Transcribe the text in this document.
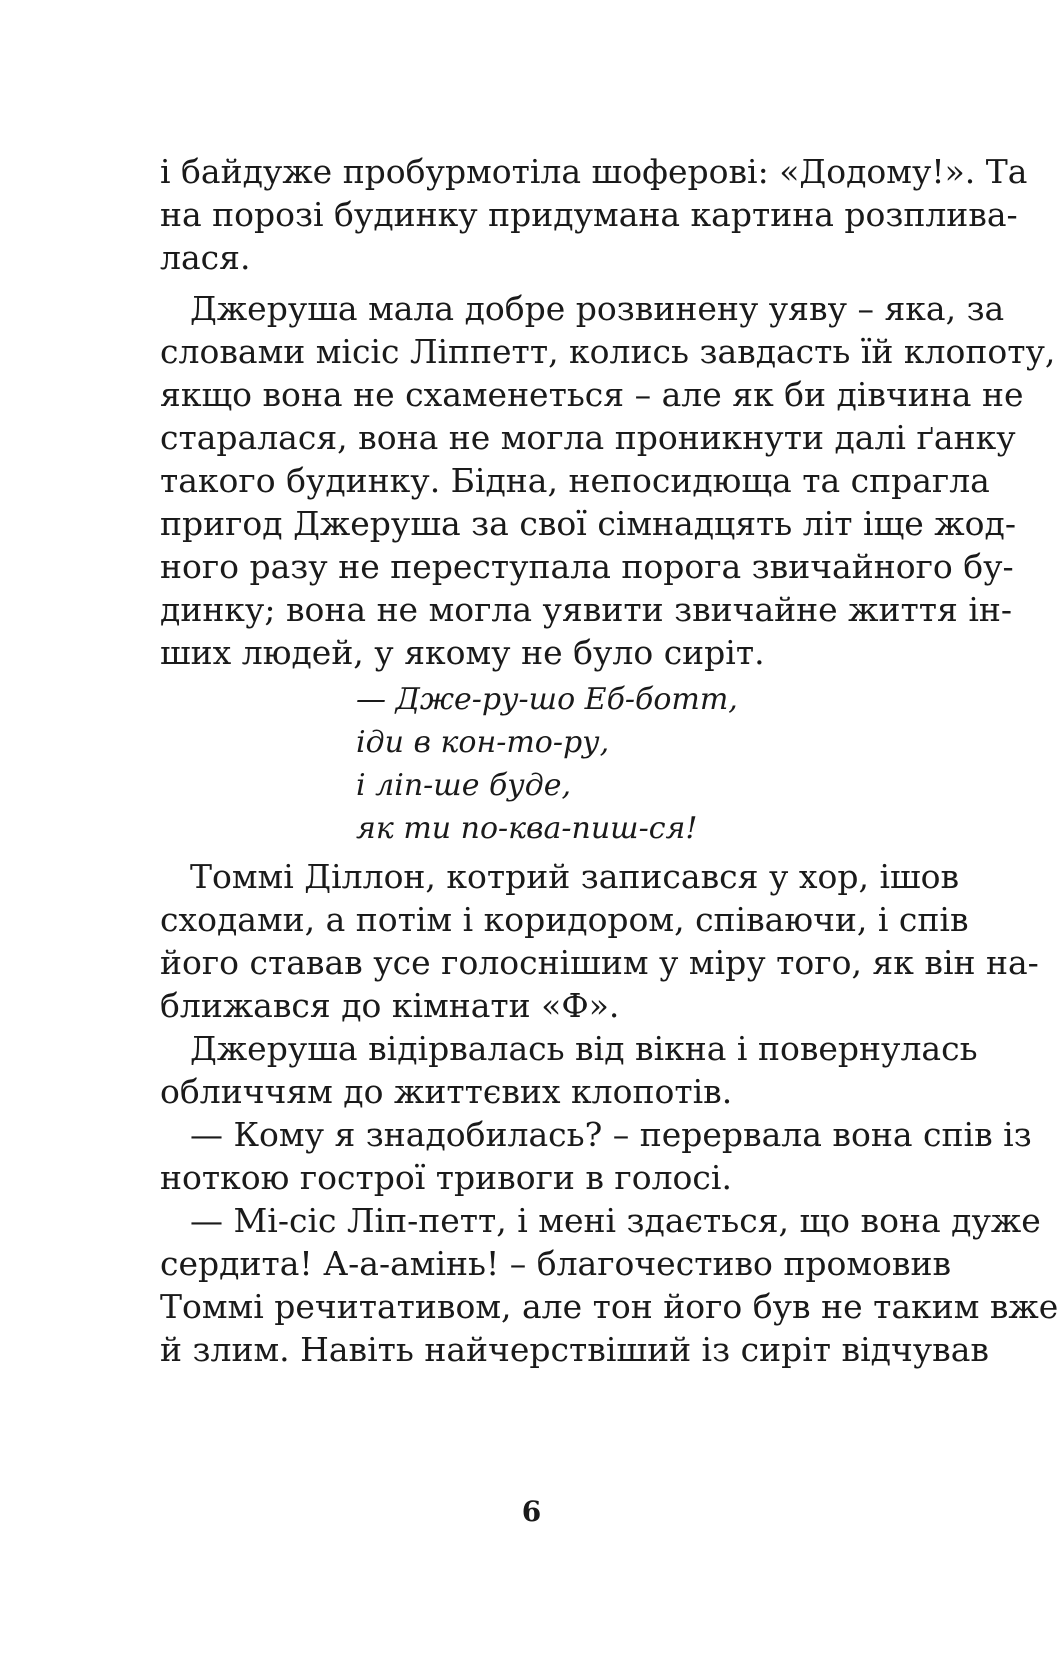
і байдуже пробурмотіла шоферові: «Додому!». Та
на порозі будинку придумана картина розплива-
лася.
Джеруша мала добре розвинену уяву – яка, за
словами місіс Ліппетт, колись завдасть їй клопоту,
якщо вона не схаменеться – але як би дівчина не
старалася, вона не могла проникнути далі ґанку
такого будинку. Бідна, непосидюща та спрагла
пригод Джеруша за свої сімнадцять літ іще жод-
ного разу не переступала порога звичайного бу-
динку; вона не могла уявити звичайне життя ін-
ших людей, у якому не було сиріт.
— Дже-ру-шо Еб-ботт,
іди в кон-то-ру,
і ліп-ше буде,
як ти по-ква-пиш-ся!
Томмі Діллон, котрий записався у хор, ішов
сходами, а потім і коридором, співаючи, і спів
його ставав усе голоснішим у міру того, як він на-
ближався до кімнати «Ф».
Джеруша відірвалась від вікна і повернулась
обличчям до життєвих клопотів.
— Кому я знадобилась? – перервала вона спів із
ноткою гострої тривоги в голосі.
— Мі-сіс Ліп-петт, і мені здається, що вона дуже
сердита! А-а-амінь! – благочестиво промовив
Томмі речитативом, але тон його був не таким вже
й злим. Навіть найчерствіший із сиріт відчував
6
